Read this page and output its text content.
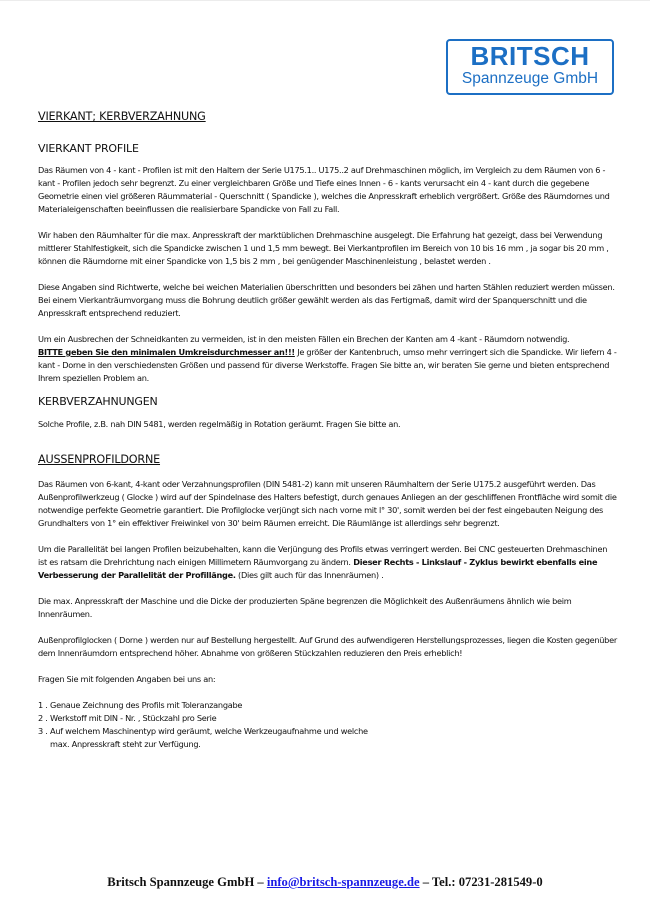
BRITSCH
Spannzeuge GmbH
VIERKANT; KERBVERZAHNUNG
VIERKANT PROFILE

Das Räumen von 4 - kant - Profilen ist mit den Haltern der Serie U175.1.. U175..2 auf Drehmaschinen möglich, im Vergleich zu dem Räumen von 6 - kant - Profilen jedoch sehr begrenzt. Zu einer vergleichbaren Größe und Tiefe eines Innen - 6 - kants verursacht ein 4 - kant durch die gegebene Geometrie einen viel größeren Räummaterial - Querschnitt ( Spandicke ), welches die Anpresskraft erheblich vergrößert. Größe des Räumdornes und Materialeigenschaften beeinflussen die realisierbare Spandicke von Fall zu Fall.

Wir haben den Räumhalter für die max. Anpresskraft der marktüblichen Drehmaschine ausgelegt. Die Erfahrung hat gezeigt, dass bei Verwendung mittlerer Stahlfestigkeit, sich die Spandicke zwischen 1 und 1,5 mm bewegt. Bei Vierkantprofilen im Bereich von 10 bis 16 mm , ja sogar bis 20 mm , können die Räumdorne mit einer Spandicke von 1,5 bis 2 mm , bei genügender Maschinenleistung , belastet werden .

Diese Angaben sind Richtwerte, welche bei weichen Materialien überschritten und besonders bei zähen und harten Stählen reduziert werden müssen. Bei einem Vierkanträumvorgang muss die Bohrung deutlich größer gewählt werden als das Fertigmaß, damit wird der Spanquerschnitt und die Anpresskraft entsprechend reduziert.

Um ein Ausbrechen der Schneidkanten zu vermeiden, ist in den meisten Fällen ein Brechen der Kanten am 4 -kant - Räumdorn notwendig.
BITTE geben Sie den minimalen Umkreisdurchmesser an!!! Je größer der Kantenbruch, umso mehr verringert sich die Spandicke. Wir liefern 4 - kant - Dorne in den verschiedensten Größen und passend für diverse Werkstoffe. Fragen Sie bitte an, wir beraten Sie gerne und bieten entsprechend Ihrem speziellen Problem an.

KERBVERZAHNUNGEN

Solche Profile, z.B. nah DIN 5481, werden regelmäßig in Rotation geräumt. Fragen Sie bitte an.

AUSSENPROFILDORNE

Das Räumen von 6-kant, 4-kant oder Verzahnungsprofilen (DIN 5481-2) kann mit unseren Räumhaltern der Serie U175.2 ausgeführt werden. Das Außenprofilwerkzeug ( Glocke ) wird auf der Spindelnase des Halters befestigt, durch genaues Anliegen an der geschliffenen Frontfläche wird somit die notwendige perfekte Geometrie garantiert. Die Profilglocke verjüngt sich nach vorne mit l° 30', somit werden bei der fest eingebauten Neigung des Grundhalters von 1° ein effektiver Freiwinkel von 30' beim Räumen erreicht. Die Räumlänge ist allerdings sehr begrenzt.

Um die Parallelität bei langen Profilen beizubehalten, kann die Verjüngung des Profils etwas verringert werden. Bei CNC gesteuerten Drehmaschinen ist es ratsam die Drehrichtung nach einigen Millimetern Räumvorgang zu ändern. Dieser Rechts - Linkslauf - Zyklus bewirkt ebenfalls eine Verbesserung der Parallelität der Profillänge. (Dies gilt auch für das Innenräumen) .

Die max. Anpresskraft der Maschine und die Dicke der produzierten Späne begrenzen die Möglichkeit des Außenräumens ähnlich wie beim Innenräumen.

Außenprofilglocken ( Dorne ) werden nur auf Bestellung hergestellt. Auf Grund des aufwendigeren Herstellungsprozesses, liegen die Kosten gegenüber dem Innenräumdorn entsprechend höher. Abnahme von größeren Stückzahlen reduzieren den Preis erheblich!

Fragen Sie mit folgenden Angaben bei uns an:

1 . Genaue Zeichnung des Profils mit Toleranzangabe
2 . Werkstoff mit DIN - Nr. , Stückzahl pro Serie
3 . Auf welchem Maschinentyp wird geräumt, welche Werkzeugaufnahme und welche max. Anpresskraft steht zur Verfügung.
Britsch Spannzeuge GmbH – info@britsch-spannzeuge.de – Tel.: 07231-281549-0
